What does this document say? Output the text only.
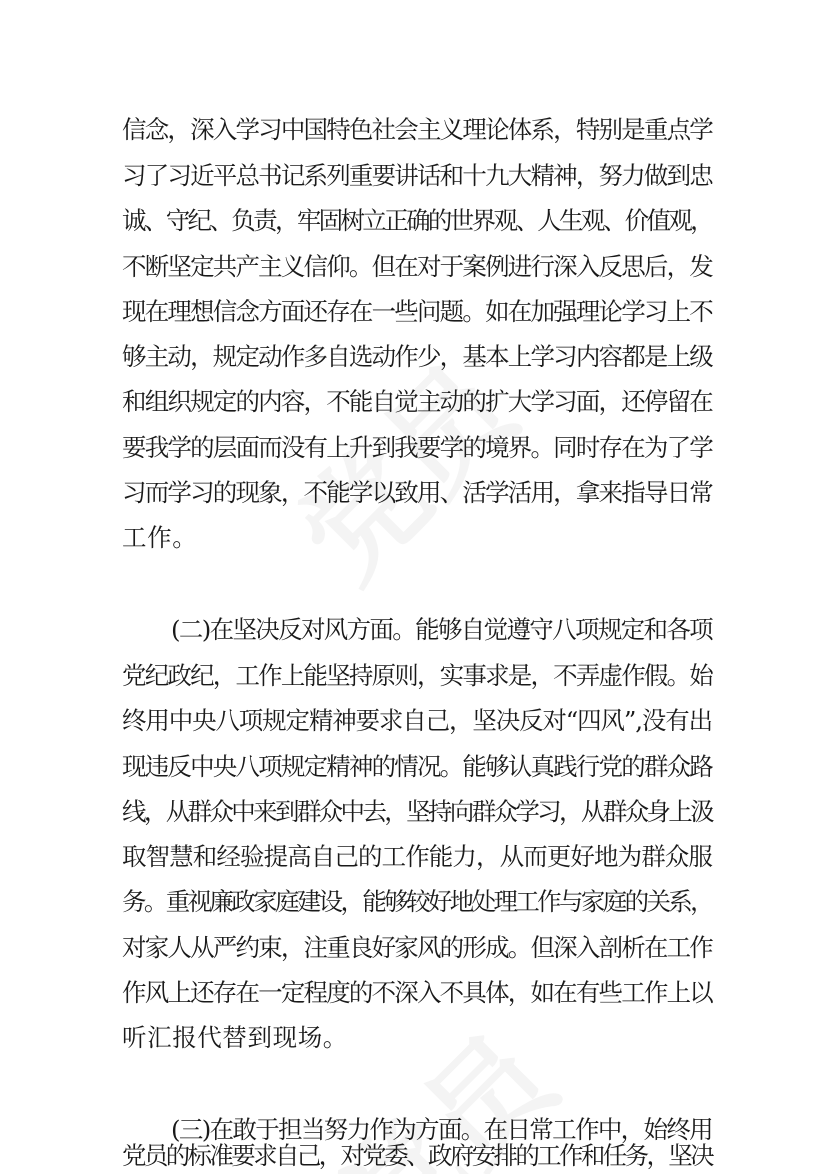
信念，深入学习中国特色社会主义理论体系，特别是重点学
习了习近平总书记系列重要讲话和十九大精神，努力做到忠
诚、守纪、负责，牢固树立正确的世界观、人生观、价值观，
不断坚定共产主义信仰。但在对于案例进行深入反思后，发
现在理想信念方面还存在一些问题。如在加强理论学习上不
够主动，规定动作多自选动作少，基本上学习内容都是上级
和组织规定的内容，不能自觉主动的扩大学习面，还停留在
要我学的层面而没有上升到我要学的境界。同时存在为了学
习而学习的现象，不能学以致用、活学活用，拿来指导日常
工作。
(二)在坚决反对风方面。能够自觉遵守八项规定和各项
党纪政纪，工作上能坚持原则，实事求是，不弄虚作假。始
终用中央八项规定精神要求自己，坚决反对“四风”,没有出
现违反中央八项规定精神的情况。能够认真践行党的群众路
线，从群众中来到群众中去，坚持向群众学习，从群众身上汲
取智慧和经验提高自己的工作能力，从而更好地为群众服
务。重视廉政家庭建设，能够较好地处理工作与家庭的关系，
对家人从严约束，注重良好家风的形成。但深入剖析在工作
作风上还存在一定程度的不深入不具体，如在有些工作上以
听汇报代替到现场。
(三)在敢于担当努力作为方面。在日常工作中，始终用
党员的标准要求自己，对党委、政府安排的工作和任务，坚决
